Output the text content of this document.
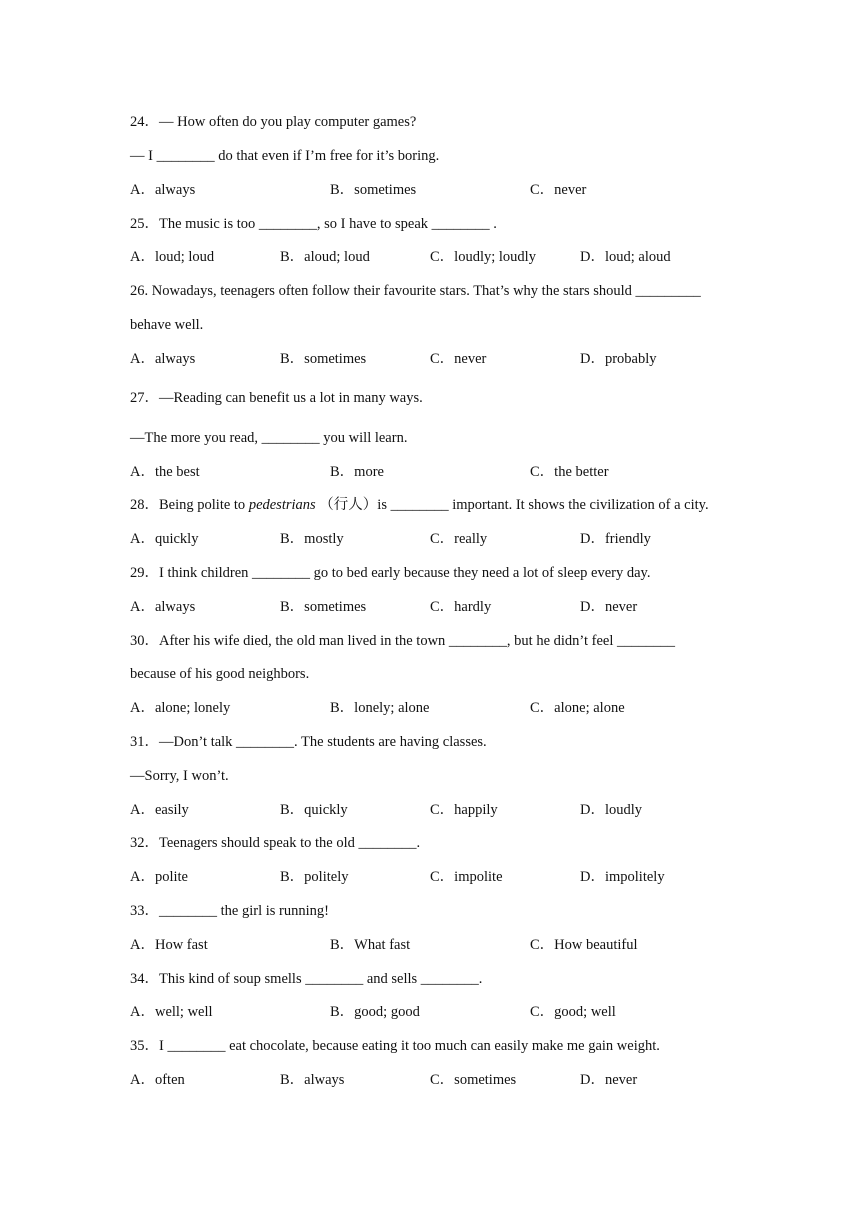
24．— How often do you play computer games?
— I ________ do that even if I’m free for it’s boring.
A．always	B．sometimes	C．never
25．The music is too ________, so I have to speak ________ .
A．loud; loud	B．aloud; loud	C．loudly; loudly	D．loud; aloud
26. Nowadays, teenagers often follow their favourite stars. That’s why the stars should _________
behave well.
A．always	B．sometimes	C．never	D．probably
27．—Reading can benefit us a lot in many ways.
—The more you read, ________ you will learn.
A．the best	B．more	C．the better
28．Being polite to pedestrians （行人）is ________ important. It shows the civilization of a city.
A．quickly	B．mostly	C．really	D．friendly
29．I think children ________ go to bed early because they need a lot of sleep every day.
A．always	B．sometimes	C．hardly	D．never
30．After his wife died, the old man lived in the town ________, but he didn’t feel ________
because of his good neighbors.
A．alone; lonely	B．lonely; alone	C．alone; alone
31．—Don’t talk ________. The students are having classes.
—Sorry, I won’t.
A．easily	B．quickly	C．happily	D．loudly
32．Teenagers should speak to the old ________.
A．polite	B．politely	C．impolite	D．impolitely
33．________ the girl is running!
A．How fast	B．What fast	C．How beautiful
34．This kind of soup smells ________ and sells ________.
A．well; well	B．good; good	C．good; well
35．I ________ eat chocolate, because eating it too much can easily make me gain weight.
A．often	B．always	C．sometimes	D．never
